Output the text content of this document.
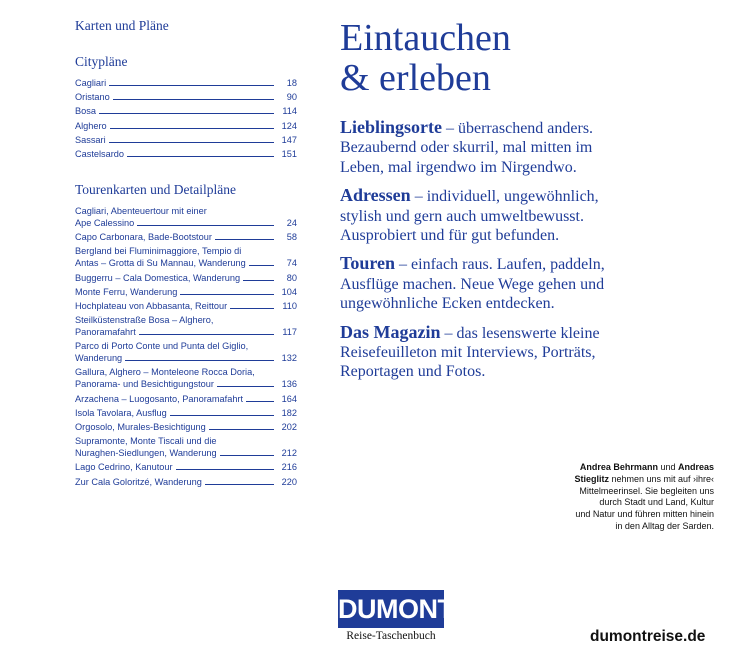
Karten und Pläne
Citypläne
Cagliari	18
Oristano	90
Bosa	114
Alghero	124
Sassari	147
Castelsardo	151
Tourenkarten und Detailpläne
Cagliari, Abenteuertour mit einer
Ape Calessino	24
Capo Carbonara, Bade-Bootstour	58
Bergland bei Fluminimaggiore, Tempio di
Antas – Grotta di Su Mannau, Wanderung	74
Buggerru – Cala Domestica, Wanderung	80
Monte Ferru, Wanderung	104
Hochplateau von Abbasanta, Reittour	110
Steilküstenstraße Bosa – Alghero,
Panoramafahrt	117
Parco di Porto Conte und Punta del Giglio,
Wanderung	132
Gallura, Alghero – Monteleone Rocca Doria,
Panorama- und Besichtigungstour	136
Arzachena – Luogosanto, Panoramafahrt	164
Isola Tavolara, Ausflug	182
Orgosolo, Murales-Besichtigung	202
Supramonte, Monte Tiscali und die
Nuraghen-Siedlungen, Wanderung	212
Lago Cedrino, Kanutour	216
Zur Cala Goloritzé, Wanderung	220
Eintauchen
& erleben
Lieblingsorte – überraschend anders.
Bezaubernd oder skurril, mal mitten im
Leben, mal irgendwo im Nirgendwo.
Adressen – individuell, ungewöhnlich,
stylish und gern auch umweltbewusst.
Ausprobiert und für gut befunden.
Touren – einfach raus. Laufen, paddeln,
Ausflüge machen. Neue Wege gehen und
ungewöhnliche Ecken entdecken.
Das Magazin – das lesenswerte kleine
Reisefeuilleton mit Interviews, Porträts,
Reportagen und Fotos.
Andrea Behrmann und Andreas
Stieglitz nehmen uns mit auf ›ihre‹
Mittelmeerinsel. Sie begleiten uns
durch Stadt und Land, Kultur
und Natur und führen mitten hinein
in den Alltag der Sarden.
DUMONT
Reise-Taschenbuch	dumontreise.de
